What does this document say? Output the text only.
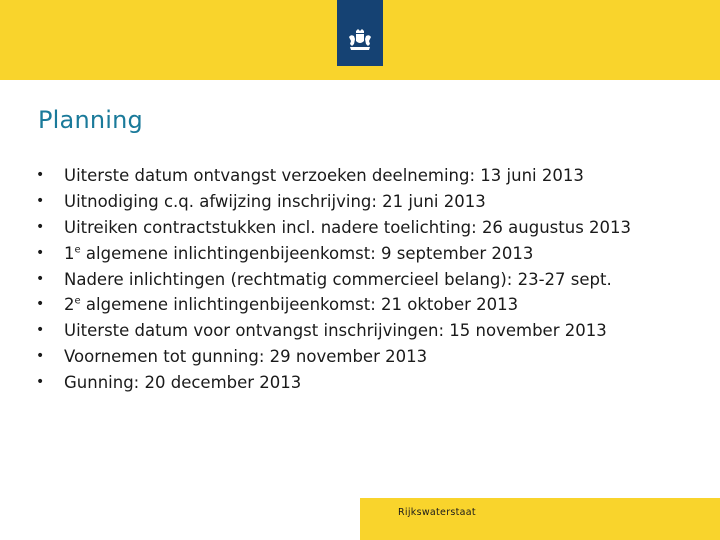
Planning
•	Uiterste datum ontvangst verzoeken deelneming: 13 juni 2013
•	Uitnodiging c.q. afwijzing inschrijving: 21 juni 2013
•	Uitreiken contractstukken incl. nadere toelichting: 26 augustus 2013
•	1e algemene inlichtingenbijeenkomst: 9 september 2013
•	Nadere inlichtingen (rechtmatig commercieel belang): 23-27 sept.
•	2e algemene inlichtingenbijeenkomst: 21 oktober 2013
•	Uiterste datum voor ontvangst inschrijvingen: 15 november 2013
•	Voornemen tot gunning: 29 november 2013
•	Gunning: 20 december 2013
Rijkswaterstaat
